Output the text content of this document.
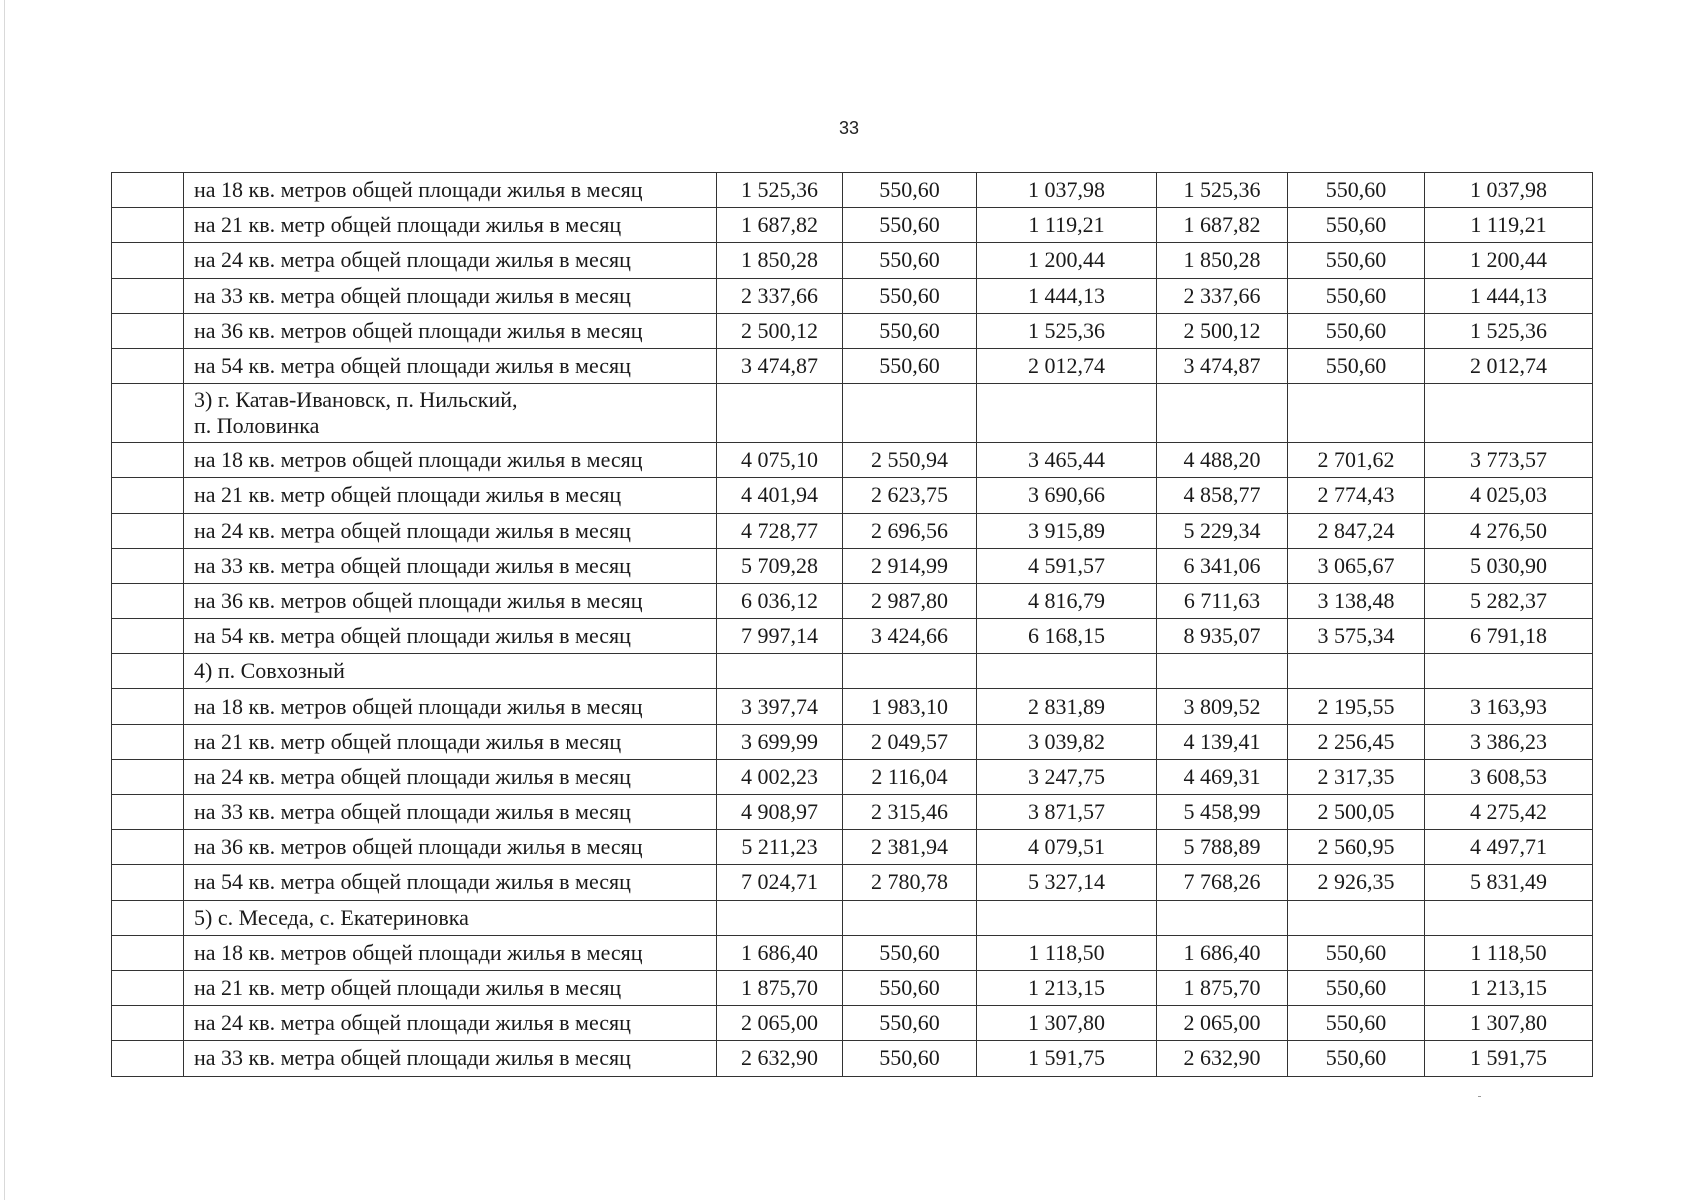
33

	на 18 кв. метров общей площади жилья в месяц	1 525,36	550,60	1 037,98	1 525,36	550,60	1 037,98

	на 21 кв. метр общей площади жилья в месяц	1 687,82	550,60	1 119,21	1 687,82	550,60	1 119,21

	на 24 кв. метра общей площади жилья в месяц	1 850,28	550,60	1 200,44	1 850,28	550,60	1 200,44

	на 33 кв. метра общей площади жилья в месяц	2 337,66	550,60	1 444,13	2 337,66	550,60	1 444,13

	на 36 кв. метров общей площади жилья в месяц	2 500,12	550,60	1 525,36	2 500,12	550,60	1 525,36

	на 54 кв. метра общей площади жилья в месяц	3 474,87	550,60	2 012,74	3 474,87	550,60	2 012,74

	3) г. Катав-Ивановск, п. Нильский,
п. Половинка						

	на 18 кв. метров общей площади жилья в месяц	4 075,10	2 550,94	3 465,44	4 488,20	2 701,62	3 773,57

	на 21 кв. метр общей площади жилья в месяц	4 401,94	2 623,75	3 690,66	4 858,77	2 774,43	4 025,03

	на 24 кв. метра общей площади жилья в месяц	4 728,77	2 696,56	3 915,89	5 229,34	2 847,24	4 276,50

	на 33 кв. метра общей площади жилья в месяц	5 709,28	2 914,99	4 591,57	6 341,06	3 065,67	5 030,90

	на 36 кв. метров общей площади жилья в месяц	6 036,12	2 987,80	4 816,79	6 711,63	3 138,48	5 282,37

	на 54 кв. метра общей площади жилья в месяц	7 997,14	3 424,66	6 168,15	8 935,07	3 575,34	6 791,18

	4) п. Совхозный						

	на 18 кв. метров общей площади жилья в месяц	3 397,74	1 983,10	2 831,89	3 809,52	2 195,55	3 163,93

	на 21 кв. метр общей площади жилья в месяц	3 699,99	2 049,57	3 039,82	4 139,41	2 256,45	3 386,23

	на 24 кв. метра общей площади жилья в месяц	4 002,23	2 116,04	3 247,75	4 469,31	2 317,35	3 608,53

	на 33 кв. метра общей площади жилья в месяц	4 908,97	2 315,46	3 871,57	5 458,99	2 500,05	4 275,42

	на 36 кв. метров общей площади жилья в месяц	5 211,23	2 381,94	4 079,51	5 788,89	2 560,95	4 497,71

	на 54 кв. метра общей площади жилья в месяц	7 024,71	2 780,78	5 327,14	7 768,26	2 926,35	5 831,49

	5) с. Меседа, с. Екатериновка						

	на 18 кв. метров общей площади жилья в месяц	1 686,40	550,60	1 118,50	1 686,40	550,60	1 118,50

	на 21 кв. метр общей площади жилья в месяц	1 875,70	550,60	1 213,15	1 875,70	550,60	1 213,15

	на 24 кв. метра общей площади жилья в месяц	2 065,00	550,60	1 307,80	2 065,00	550,60	1 307,80

	на 33 кв. метра общей площади жилья в месяц	2 632,90	550,60	1 591,75	2 632,90	550,60	1 591,75
